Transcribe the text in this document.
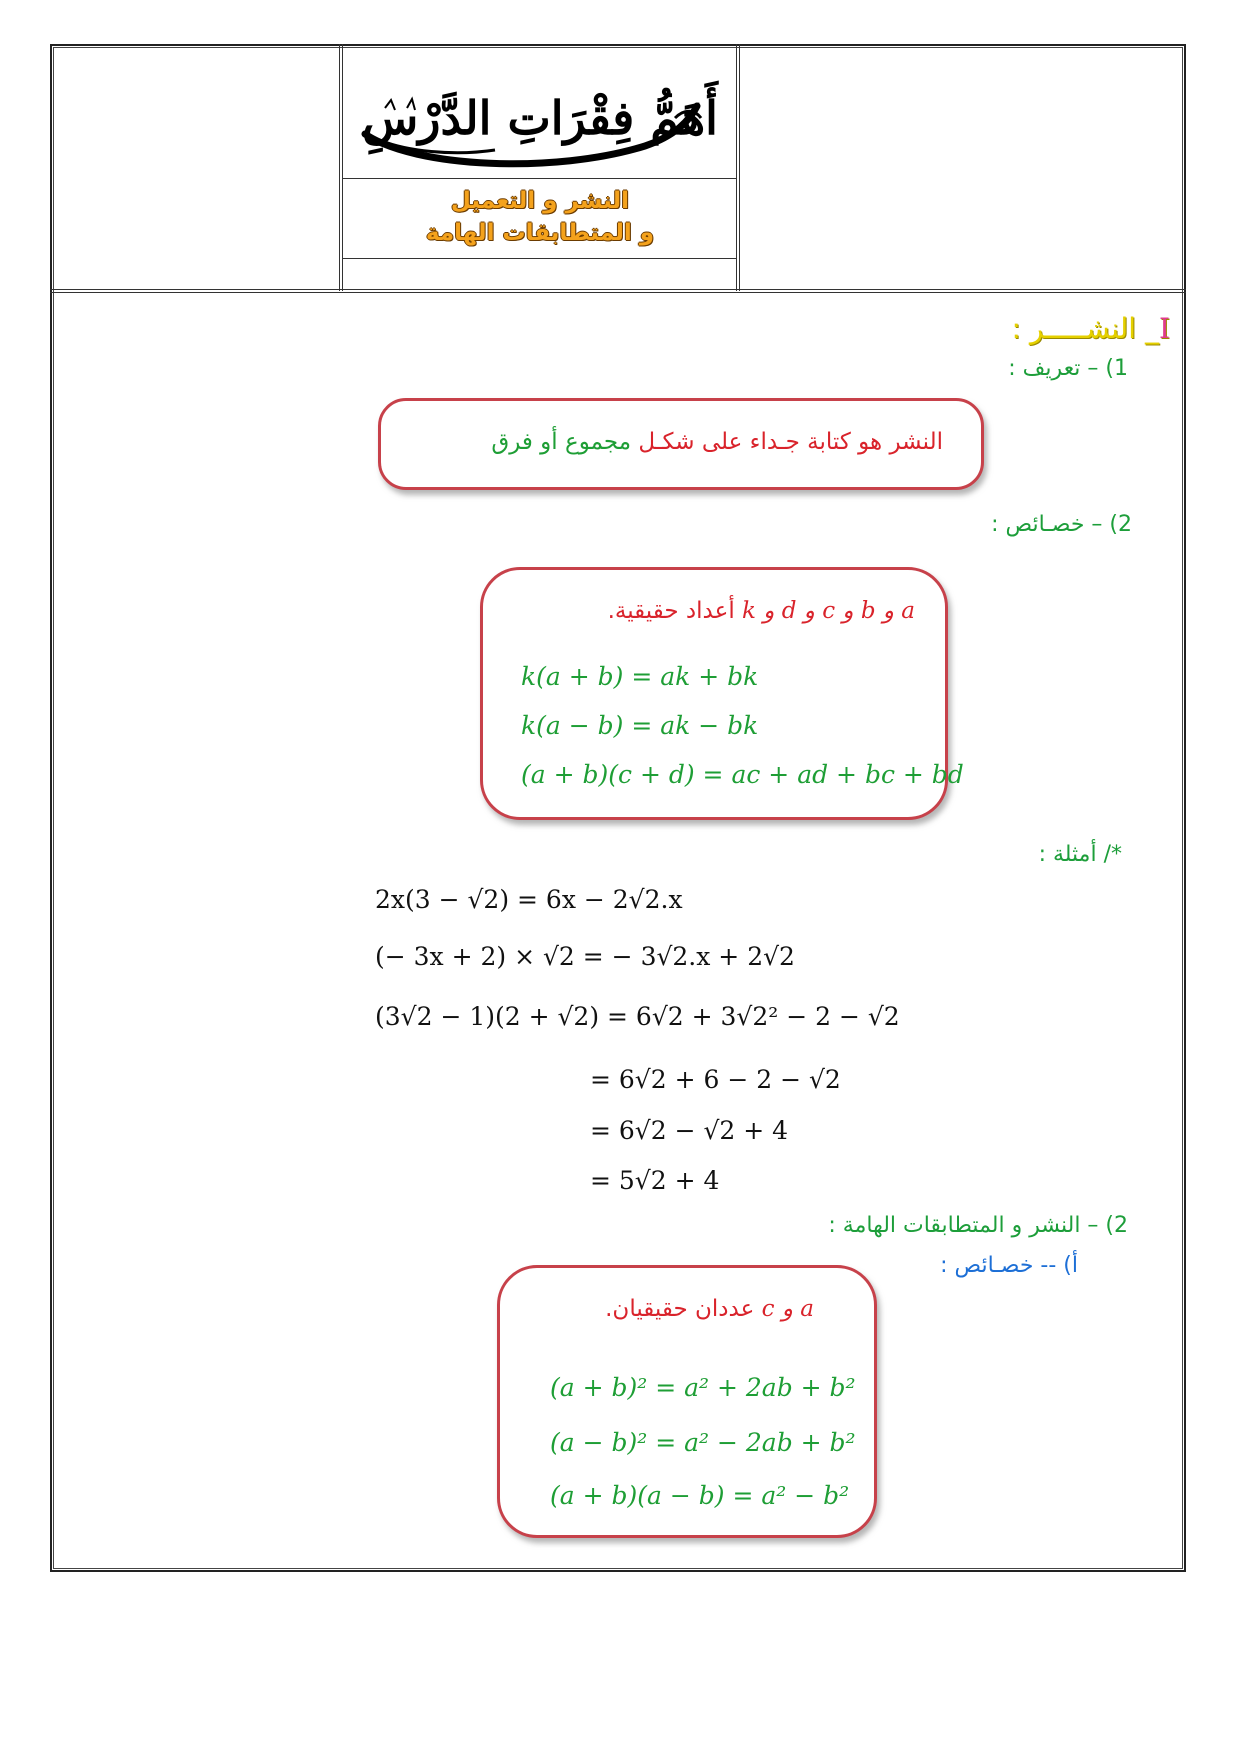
أَهَمُّ فِقْرَاتِ الدَّرْسِ
النشر و التعميل
و المتطابقات الهامة
I_ النشـــــر :
1) – تعريف :
النشر هو كتابة جـداء على شكـل مجموع أو فرق
2) – خصـائص :
a و b و c و d و k أعداد حقيقية.
k(a + b) = ak + bk
k(a − b) = ak − bk
(a + b)(c + d) = ac + ad + bc + bd
*/ أمثلة :
2x(3 − √2) = 6x − 2√2.x
(− 3x + 2) × √2 = − 3√2.x + 2√2
(3√2 − 1)(2 + √2) = 6√2 + 3√2² − 2 − √2
= 6√2 + 6 − 2 − √2
= 6√2 − √2 + 4
= 5√2 + 4
2) – النشر و المتطابقات الهامة :
أ) -- خصـائص :
a و c عددان حقيقيان.
(a + b)² = a² + 2ab + b²
(a − b)² = a² − 2ab + b²
(a + b)(a − b) = a² − b²
